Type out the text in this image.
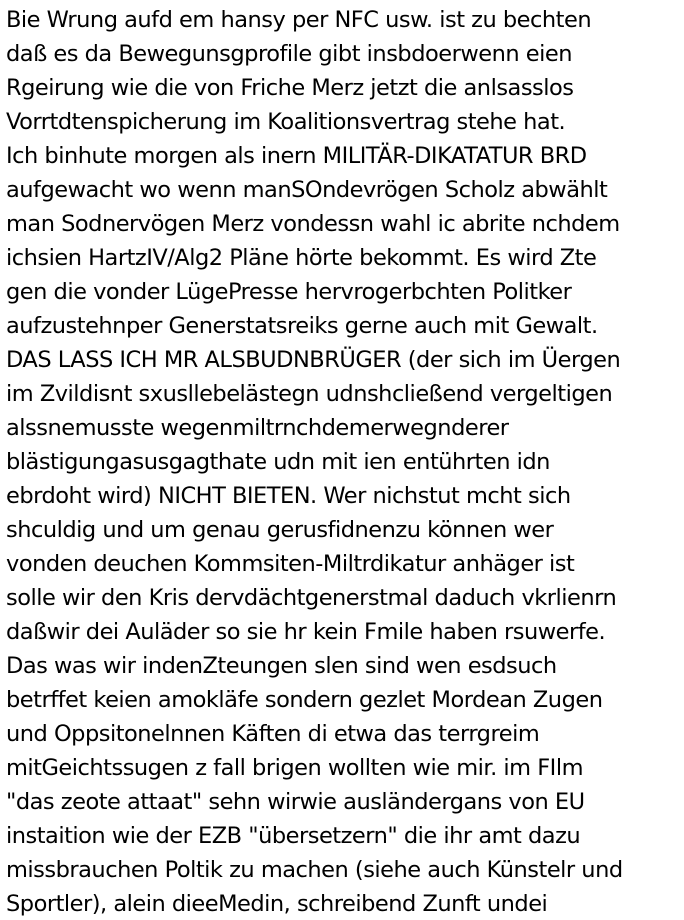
Bie Wrung aufd em hansy per NFC usw. ist zu bechten
daß es da Bewegunsgprofile gibt insbdoerwenn eien
Rgeirung wie die von Friche Merz jetzt die anlsasslos
Vorrtdtenspicherung im Koalitionsvertrag stehe hat.
Ich binhute morgen als inern MILITÄR-DIKATATUR BRD
aufgewacht wo wenn manSOndevrögen Scholz abwählt
man Sodnervögen Merz vondessn wahl ic abrite nchdem
ichsien HartzIV/Alg2 Pläne hörte bekommt. Es wird Zte
gen die vonder LügePresse hervrogerbchten Politker
aufzustehnper Generstatsreiks gerne auch mit Gewalt.
DAS LASS ICH MR ALSBUDNBRÜGER (der sich im Üergen
im Zvildisnt sxusllebelästegn udnshcließend vergeltigen
alssnemusste wegenmiltrnchdemerwegnderer
blästigungasusgagthate udn mit ien entührten idn
ebrdoht wird) NICHT BIETEN. Wer nichstut mcht sich
shculdig und um genau gerusfidnenzu können wer
vonden deuchen Kommsiten-Miltrdikatur anhäger ist
solle wir den Kris dervdächtgenerstmal daduch vkrlienrn
daßwir dei Auläder so sie hr kein Fmile haben rsuwerfe.
Das was wir indenZteungen slen sind wen esdsuch
betrffet keien amokläfe sondern gezlet Mordean Zugen
und Oppsitonelnnen Käften di etwa das terrgreim
mitGeichtssugen z fall brigen wollten wie mir. im FIlm
"das zeote attaat" sehn wirwie ausländergans von EU
instaition wie der EZB "übersetzern" die ihr amt dazu
missbrauchen Poltik zu machen (siehe auch Künstelr und
Sportler), alein dieeMedin, schreibend Zunft undei
